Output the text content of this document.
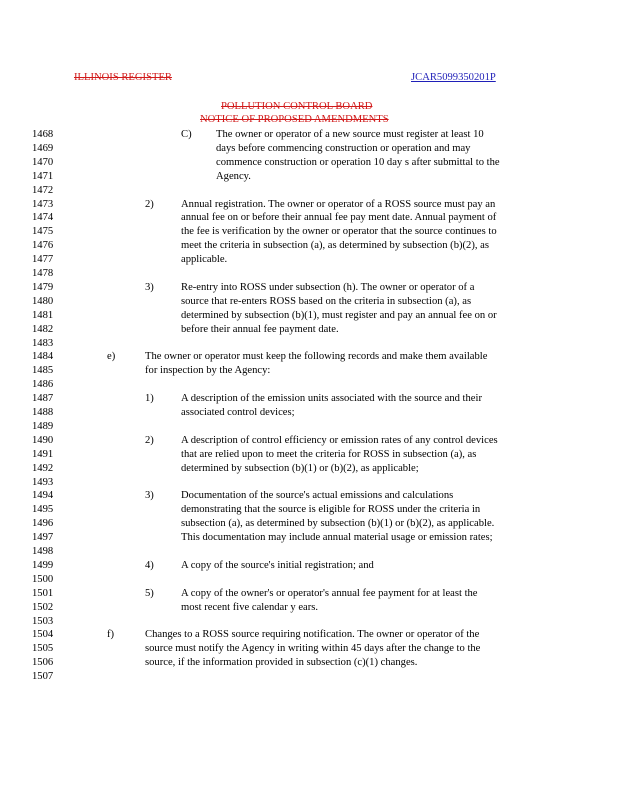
ILLINOIS REGISTER	JCAR5099350201P
POLLUTION CONTROL BOARD
NOTICE OF PROPOSED AMENDMENTS
1468	C) The owner or operator of a new source must register at least 10
1469	days before commencing construction or operation and may
1470	commence construction or operation 10 day s after submittal to the
1471	Agency.
1472
1473	2)	Annual registration. The owner or operator of a ROSS source must pay an
1474	annual fee on or before their annual fee pay ment date. Annual payment of
1475	the fee is verification by the owner or operator that the source continues to
1476	meet the criteria in subsection (a), as determined by subsection (b)(2), as
1477	applicable.
1478
1479	3)	Re-entry into ROSS under subsection (h). The owner or operator of a
1480	source that re-enters ROSS based on the criteria in subsection (a), as
1481	determined by subsection (b)(1), must register and pay an annual fee on or
1482	before their annual fee payment date.
1483
1484	e)	The owner or operator must keep the following records and make them available
1485	for inspection by the Agency:
1486
1487	1)	A description of the emission units associated with the source and their
1488	associated control devices;
1489
1490	2)	A description of control efficiency or emission rates of any control devices
1491	that are relied upon to meet the criteria for ROSS in subsection (a), as
1492	determined by subsection (b)(1) or (b)(2), as applicable;
1493
1494	3)	Documentation of the source's actual emissions and calculations
1495	demonstrating that the source is eligible for ROSS under the criteria in
1496	subsection (a), as determined by subsection (b)(1) or (b)(2), as applicable.
1497	This documentation may include annual material usage or emission rates;
1498
1499	4)	A copy of the source's initial registration; and
1500
1501	5)	A copy of the owner's or operator's annual fee payment for at least the
1502	most recent five calendar y ears.
1503
1504	f)	Changes to a ROSS source requiring notification. The owner or operator of the
1505	source must notify the Agency in writing within 45 days after the change to the
1506	source, if the information provided in subsection (c)(1) changes.
1507
